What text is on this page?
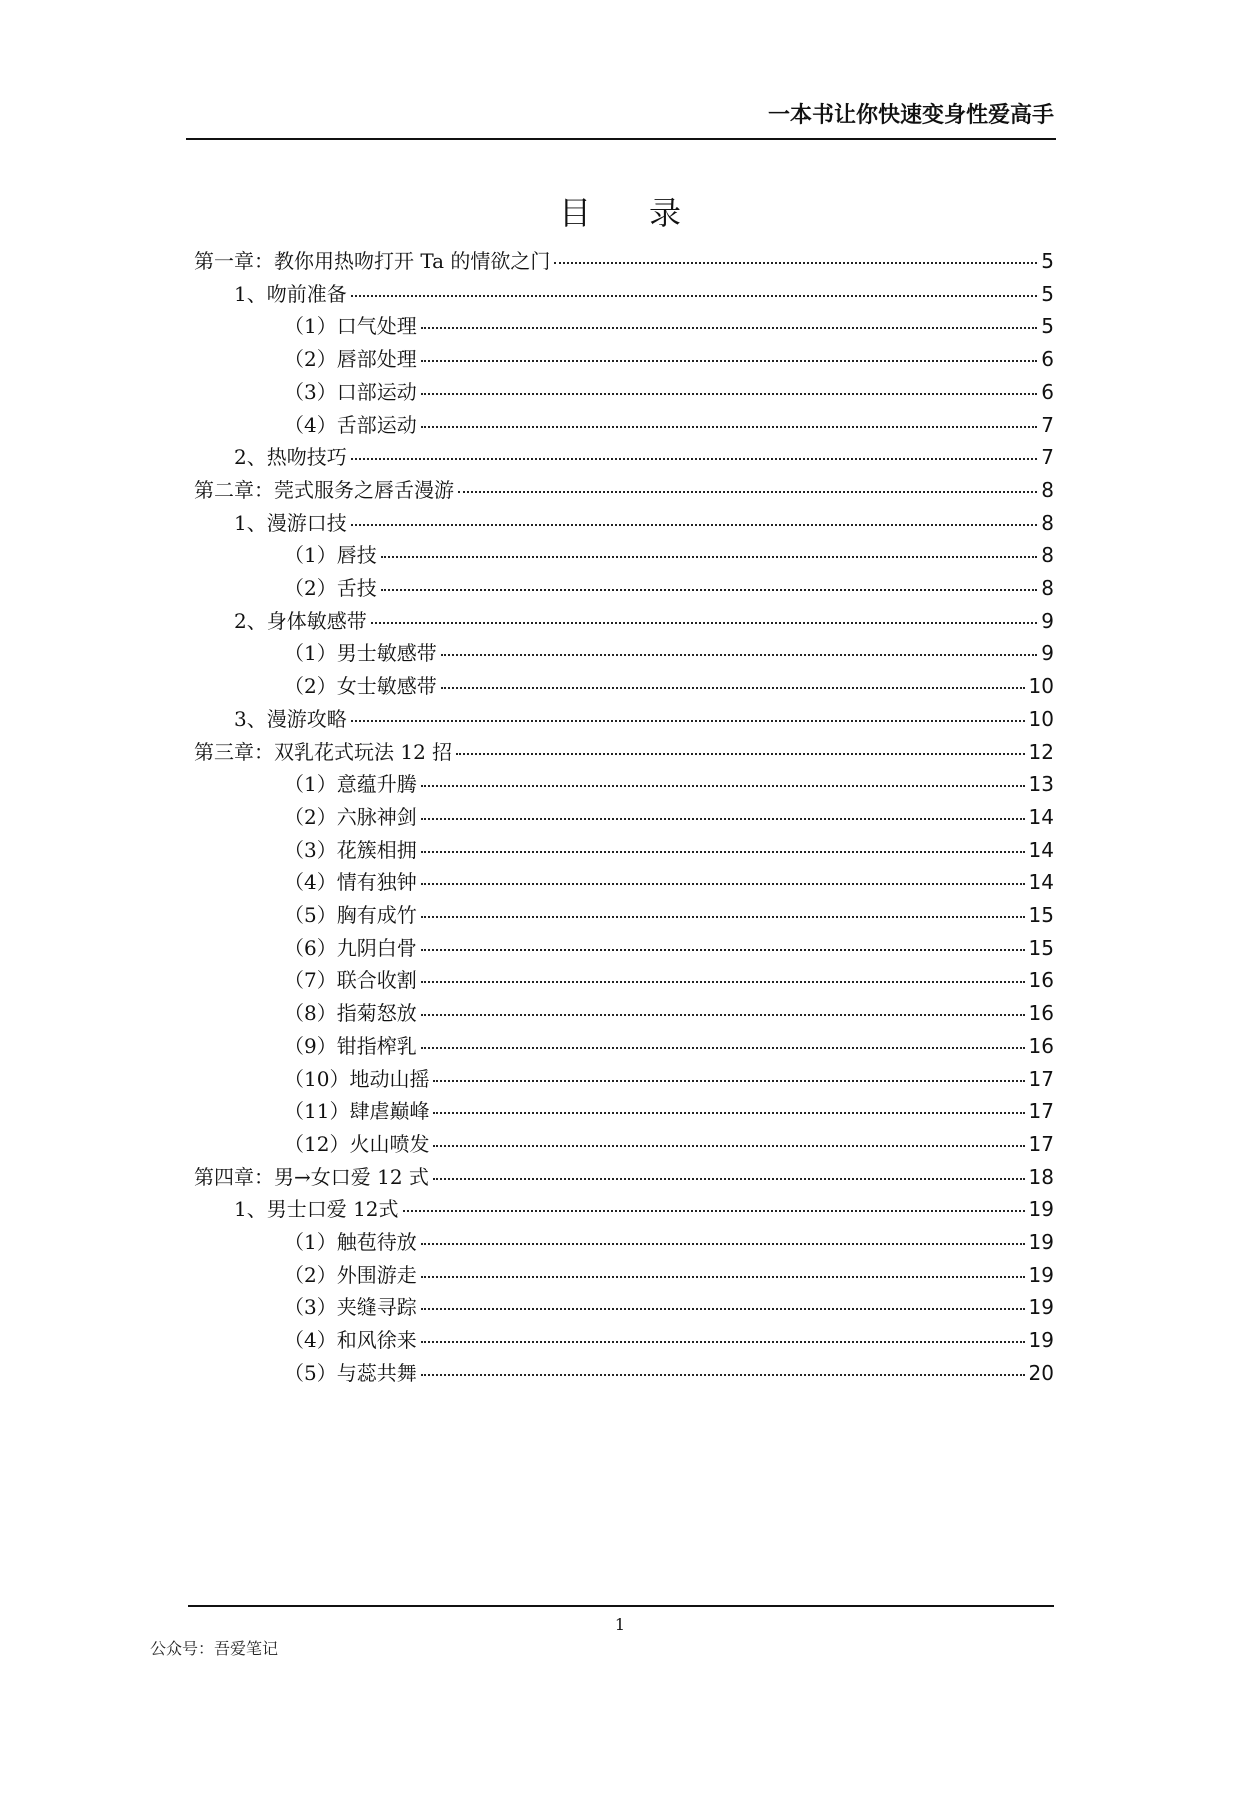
一本书让你快速变身性爱高手
目录
第一章：教你用热吻打开 Ta 的情欲之门	5
1、吻前准备	5
（1）口气处理	5
（2）唇部处理	6
（3）口部运动	6
（4）舌部运动	7
2、热吻技巧	7
第二章：莞式服务之唇舌漫游	8
1、漫游口技	8
（1）唇技	8
（2）舌技	8
2、身体敏感带	9
（1）男士敏感带	9
（2）女士敏感带	10
3、漫游攻略	10
第三章：双乳花式玩法 12 招	12
（1）意蕴升腾	13
（2）六脉神剑	14
（3）花簇相拥	14
（4）情有独钟	14
（5）胸有成竹	15
（6）九阴白骨	15
（7）联合收割	16
（8）指菊怒放	16
（9）钳指榨乳	16
（10）地动山摇	17
（11）肆虐巅峰	17
（12）火山喷发	17
第四章：男→女口爱 12 式	18
1、男士口爱 12式	19
（1）触苞待放	19
（2）外围游走	19
（3）夹缝寻踪	19
（4）和风徐来	19
（5）与蕊共舞	20
1
公众号：吾爱笔记
